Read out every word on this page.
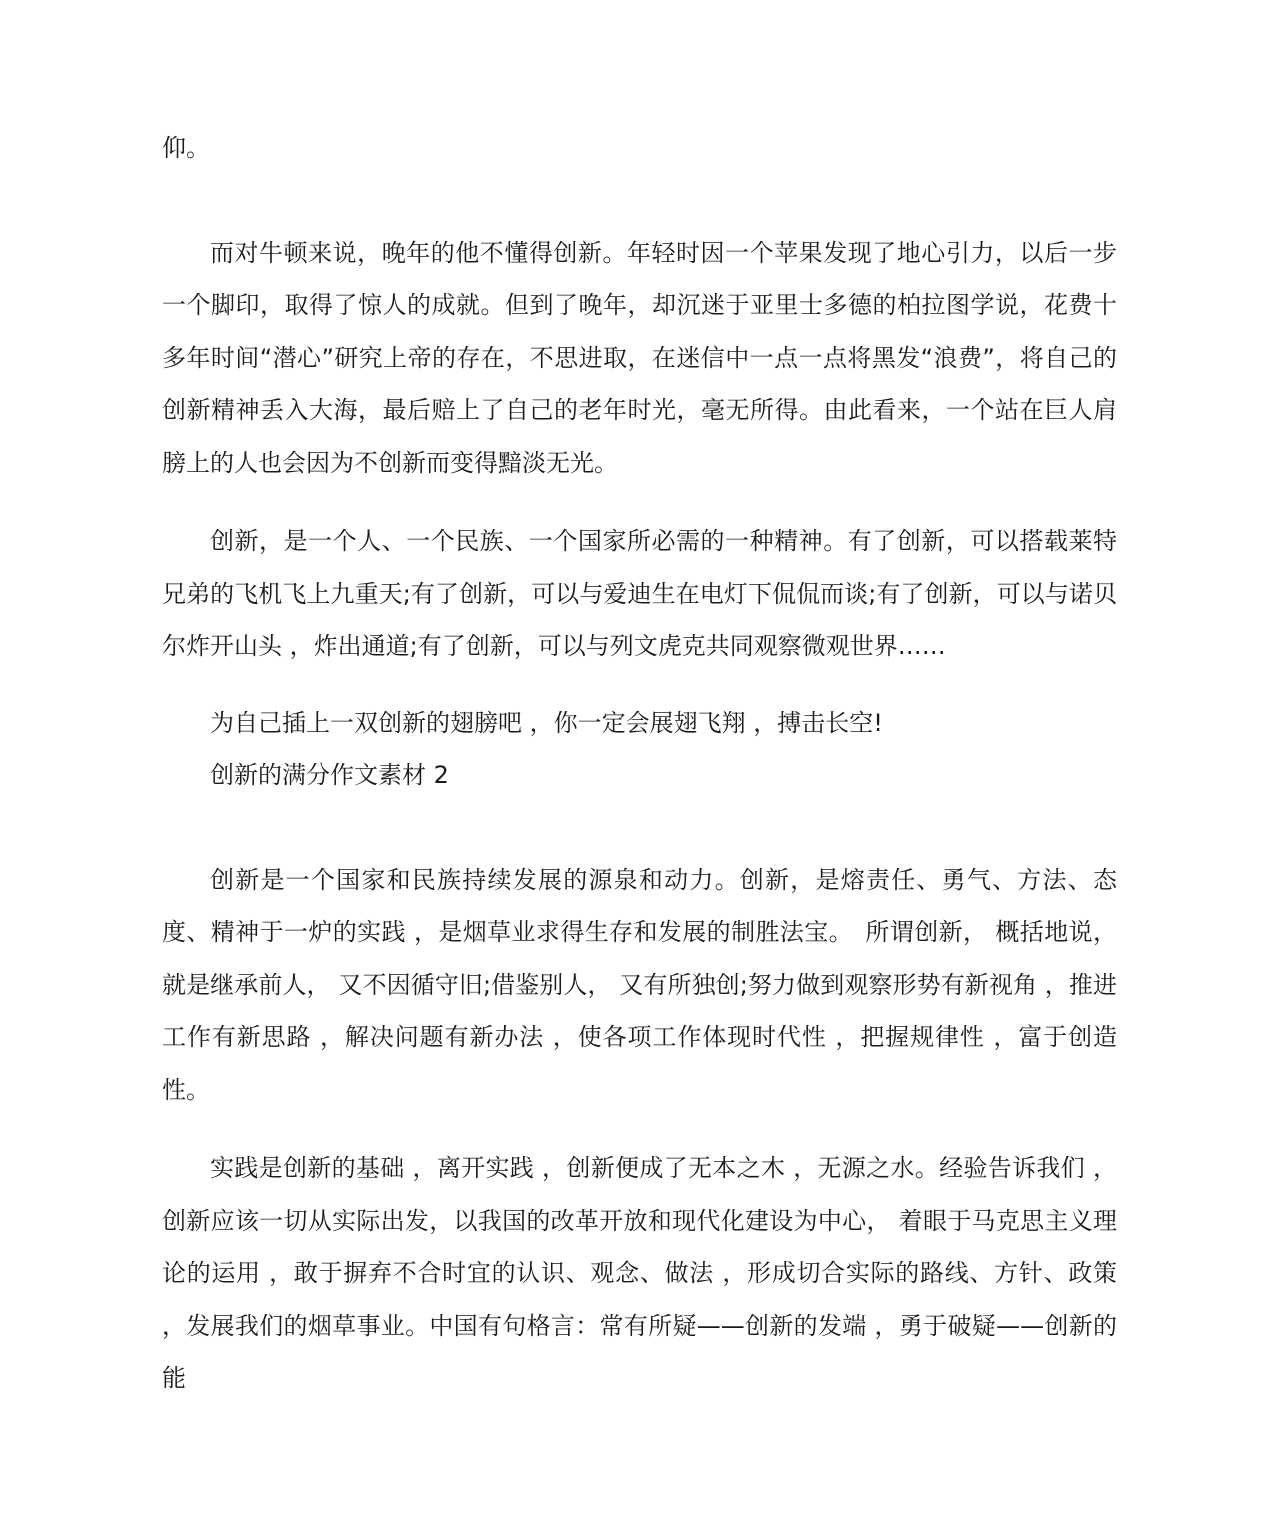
仰。

而对牛顿来说，晚年的他不懂得创新。年轻时因一个苹果发现了地心引力，以后一步一个脚印，取得了惊人的成就。但到了晚年，却沉迷于亚里士多德的柏拉图学说，花费十多年时间“潜心”研究上帝的存在，不思进取，在迷信中一点一点将黑发“浪费”，将自己的创新精神丢入大海，最后赔上了自己的老年时光，毫无所得。由此看来，一个站在巨人肩膀上的人也会因为不创新而变得黯淡无光。

创新，是一个人、一个民族、一个国家所必需的一种精神。有了创新，可以搭载莱特兄弟的飞机飞上九重天;有了创新，可以与爱迪生在电灯下侃侃而谈;有了创新，可以与诺贝尔炸开山头 ，炸出通道;有了创新，可以与列文虎克共同观察微观世界……

为自己插上一双创新的翅膀吧 ，你一定会展翅飞翔 ，搏击长空!

创新的满分作文素材 2

创新是一个国家和民族持续发展的源泉和动力。创新，是熔责任、勇气、方法、态度、精神于一炉的实践 ，是烟草业求得生存和发展的制胜法宝。　所谓创新， 概括地说，就是继承前人， 又不因循守旧;借鉴别人， 又有所独创;努力做到观察形势有新视角 ，推进工作有新思路 ，解决问题有新办法 ，使各项工作体现时代性 ，把握规律性 ，富于创造性。

实践是创新的基础 ，离开实践 ，创新便成了无本之木 ，无源之水。经验告诉我们 ，创新应该一切从实际出发，以我国的改革开放和现代化建设为中心， 着眼于马克思主义理论的运用 ，敢于摒弃不合时宜的认识、观念、做法 ，形成切合实际的路线、方针、政策 ，发展我们的烟草事业。中国有句格言：常有所疑——创新的发端 ，勇于破疑——创新的能
